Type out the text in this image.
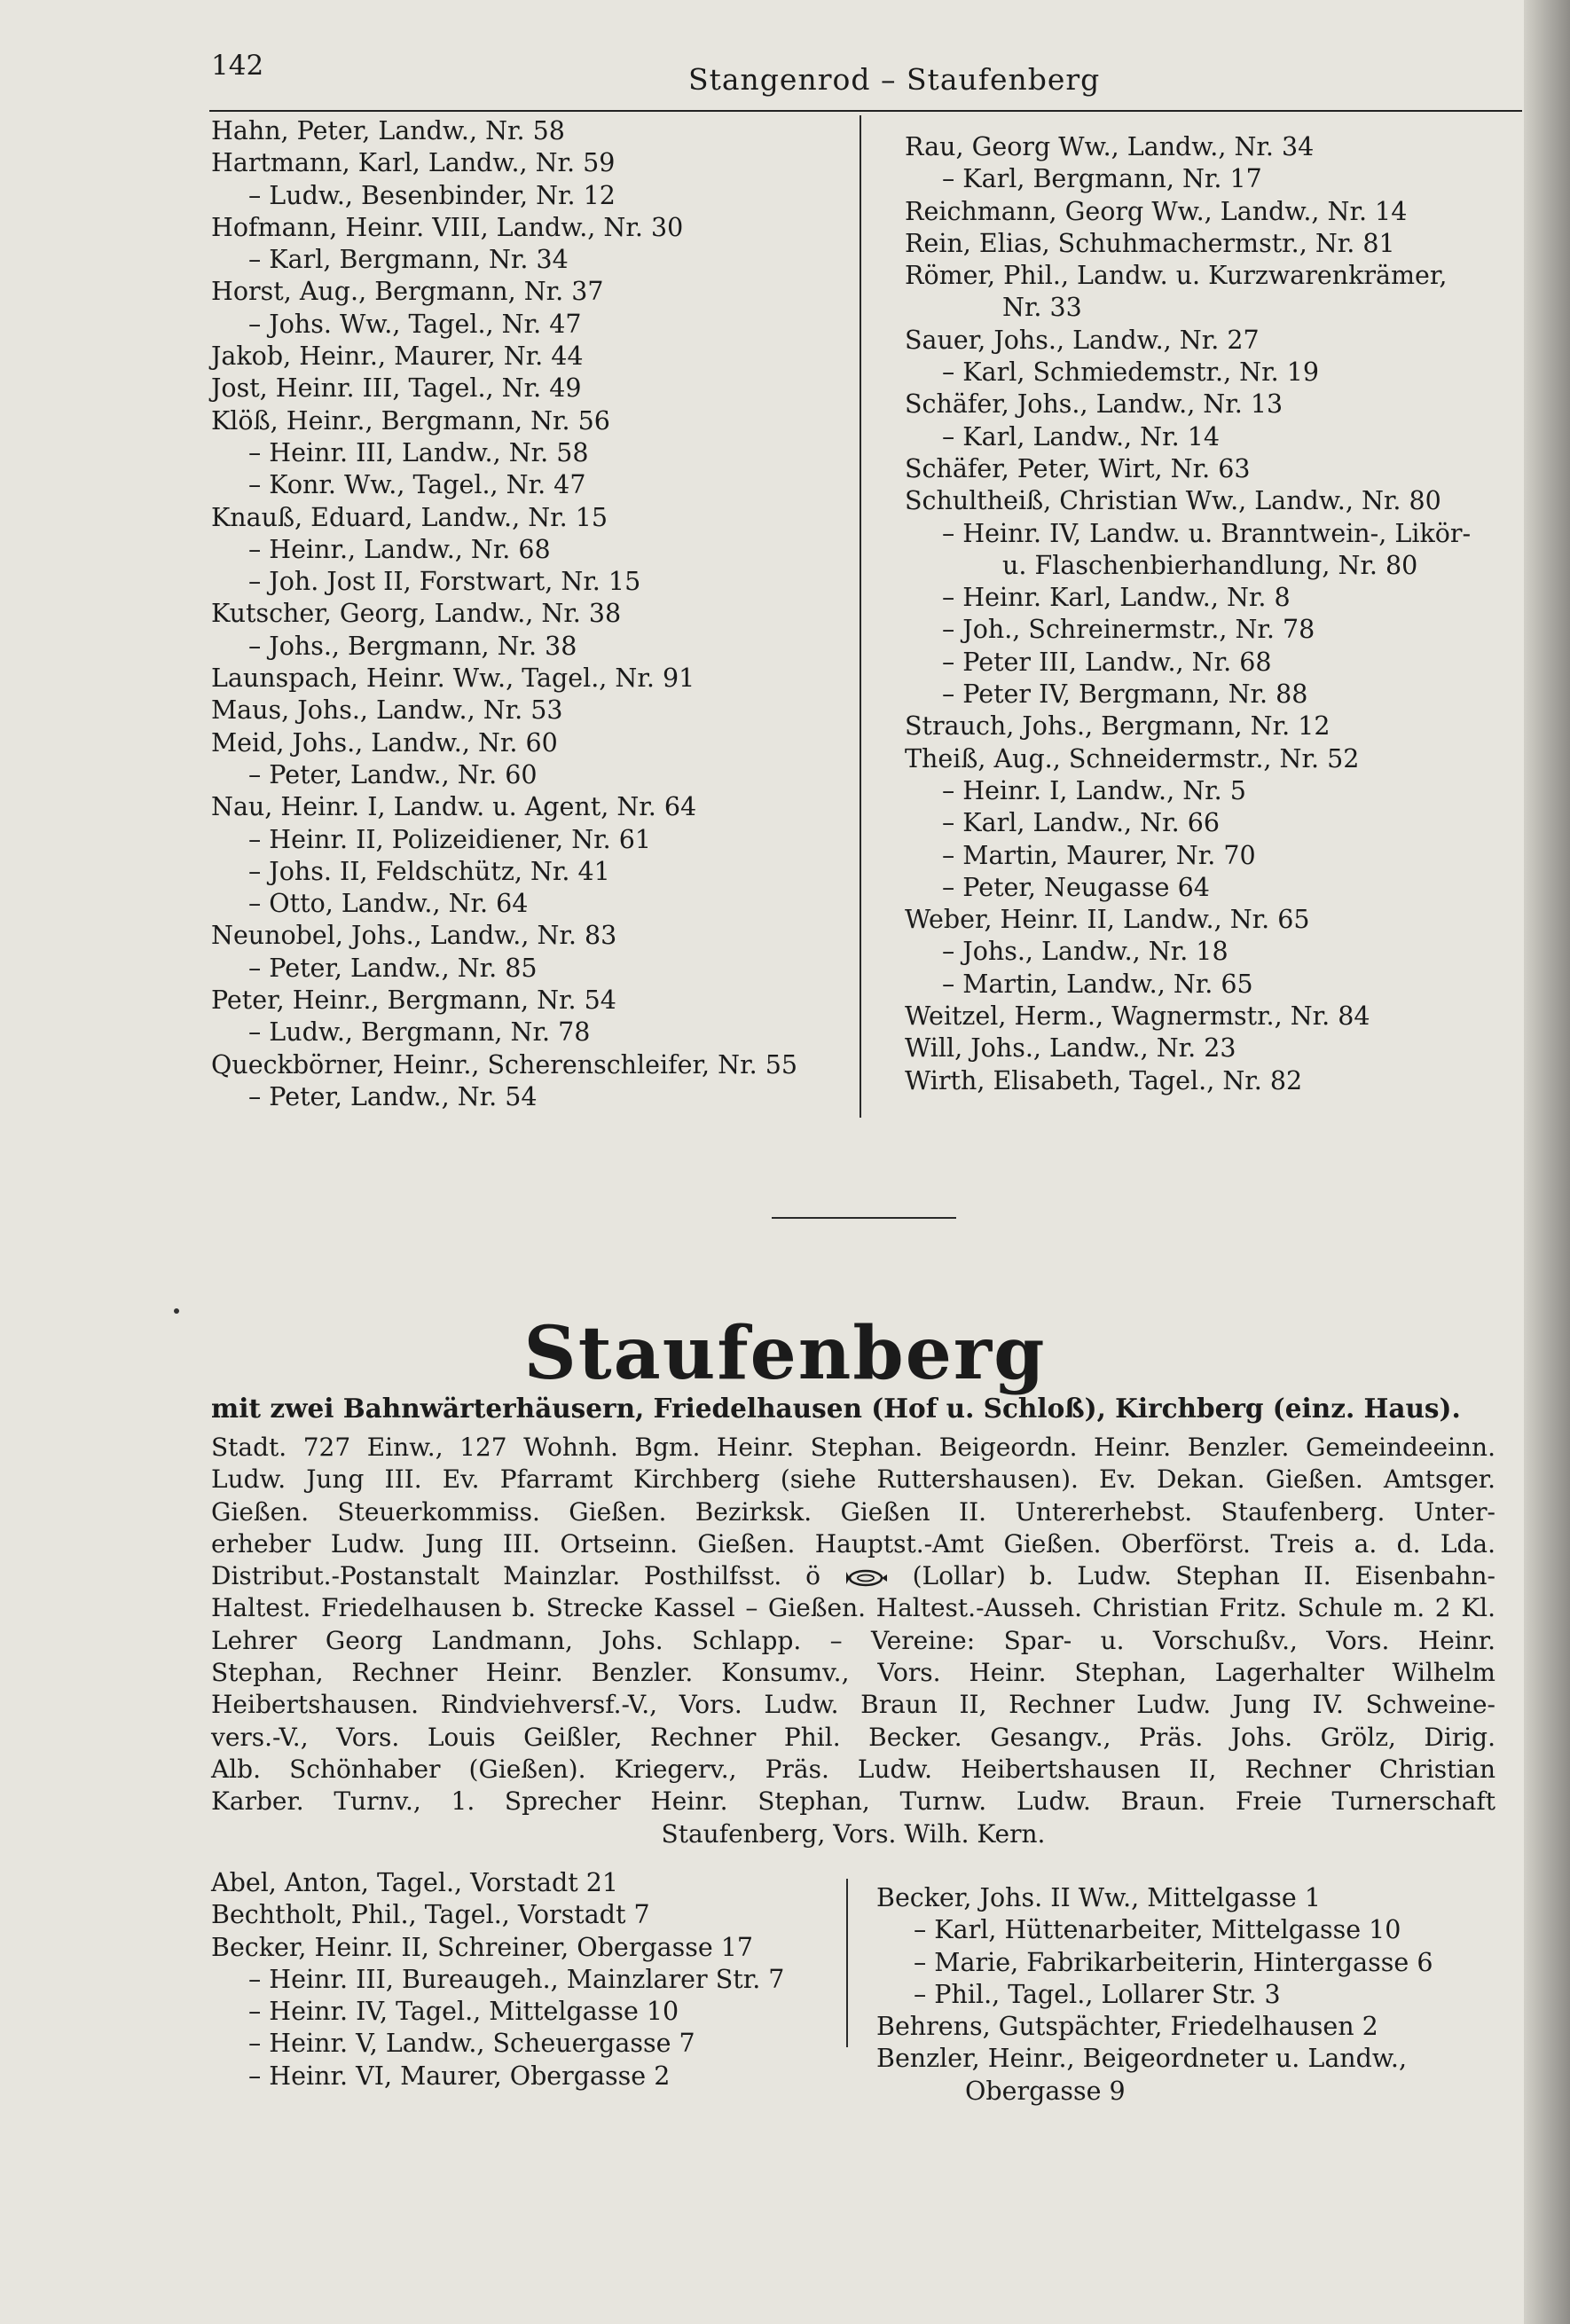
142	Stangenrod – Staufenberg
Hahn, Peter, Landw., Nr. 58
Hartmann, Karl, Landw., Nr. 59
– Ludw., Besenbinder, Nr. 12
Hofmann, Heinr. VIII, Landw., Nr. 30
– Karl, Bergmann, Nr. 34
Horst, Aug., Bergmann, Nr. 37
– Johs. Ww., Tagel., Nr. 47
Jakob, Heinr., Maurer, Nr. 44
Jost, Heinr. III, Tagel., Nr. 49
Klöß, Heinr., Bergmann, Nr. 56
– Heinr. III, Landw., Nr. 58
– Konr. Ww., Tagel., Nr. 47
Knauß, Eduard, Landw., Nr. 15
– Heinr., Landw., Nr. 68
– Joh. Jost II, Forstwart, Nr. 15
Kutscher, Georg, Landw., Nr. 38
– Johs., Bergmann, Nr. 38
Launspach, Heinr. Ww., Tagel., Nr. 91
Maus, Johs., Landw., Nr. 53
Meid, Johs., Landw., Nr. 60
– Peter, Landw., Nr. 60
Nau, Heinr. I, Landw. u. Agent, Nr. 64
– Heinr. II, Polizeidiener, Nr. 61
– Johs. II, Feldschütz, Nr. 41
– Otto, Landw., Nr. 64
Neunobel, Johs., Landw., Nr. 83
– Peter, Landw., Nr. 85
Peter, Heinr., Bergmann, Nr. 54
– Ludw., Bergmann, Nr. 78
Queckbörner, Heinr., Scherenschleifer, Nr. 55
– Peter, Landw., Nr. 54
Rau, Georg Ww., Landw., Nr. 34
– Karl, Bergmann, Nr. 17
Reichmann, Georg Ww., Landw., Nr. 14
Rein, Elias, Schuhmachermstr., Nr. 81
Römer, Phil., Landw. u. Kurzwarenkrämer,
Nr. 33
Sauer, Johs., Landw., Nr. 27
– Karl, Schmiedemstr., Nr. 19
Schäfer, Johs., Landw., Nr. 13
– Karl, Landw., Nr. 14
Schäfer, Peter, Wirt, Nr. 63
Schultheiß, Christian Ww., Landw., Nr. 80
– Heinr. IV, Landw. u. Branntwein-, Likör-
u. Flaschenbierhandlung, Nr. 80
– Heinr. Karl, Landw., Nr. 8
– Joh., Schreinermstr., Nr. 78
– Peter III, Landw., Nr. 68
– Peter IV, Bergmann, Nr. 88
Strauch, Johs., Bergmann, Nr. 12
Theiß, Aug., Schneidermstr., Nr. 52
– Heinr. I, Landw., Nr. 5
– Karl, Landw., Nr. 66
– Martin, Maurer, Nr. 70
– Peter, Neugasse 64
Weber, Heinr. II, Landw., Nr. 65
– Johs., Landw., Nr. 18
– Martin, Landw., Nr. 65
Weitzel, Herm., Wagnermstr., Nr. 84
Will, Johs., Landw., Nr. 23
Wirth, Elisabeth, Tagel., Nr. 82
Staufenberg
mit zwei Bahnwärterhäusern, Friedelhausen (Hof u. Schloß), Kirchberg (einz. Haus).
Stadt. 727 Einw., 127 Wohnh. Bgm. Heinr. Stephan. Beigeordn. Heinr. Benzler. Gemeindeeinn.
Ludw. Jung III. Ev. Pfarramt Kirchberg (siehe Ruttershausen). Ev. Dekan. Gießen. Amtsger.
Gießen. Steuerkommiss. Gießen. Bezirksk. Gießen II. Untererhebst. Staufenberg. Unter-
erheber Ludw. Jung III. Ortseinn. Gießen. Hauptst.-Amt Gießen. Oberförst. Treis a. d. Lda.
Distribut.-Postanstalt Mainzlar. Posthilfsst. ö	(Lollar) b. Ludw. Stephan II. Eisenbahn-
Haltest. Friedelhausen b. Strecke Kassel – Gießen. Haltest.-Ausseh. Christian Fritz. Schule m. 2 Kl.
Lehrer Georg Landmann, Johs. Schlapp. – Vereine: Spar- u. Vorschußv., Vors. Heinr.
Stephan, Rechner Heinr. Benzler. Konsumv., Vors. Heinr. Stephan, Lagerhalter Wilhelm
Heibertshausen. Rindviehversf.-V., Vors. Ludw. Braun II, Rechner Ludw. Jung IV. Schweine-
vers.-V., Vors. Louis Geißler, Rechner Phil. Becker. Gesangv., Präs. Johs. Grölz, Dirig.
Alb. Schönhaber (Gießen). Kriegerv., Präs. Ludw. Heibertshausen II, Rechner Christian
Karber. Turnv., 1. Sprecher Heinr. Stephan, Turnw. Ludw. Braun. Freie Turnerschaft
Staufenberg, Vors. Wilh. Kern.
Abel, Anton, Tagel., Vorstadt 21
Bechtholt, Phil., Tagel., Vorstadt 7
Becker, Heinr. II, Schreiner, Obergasse 17
– Heinr. III, Bureaugeh., Mainzlarer Str. 7
– Heinr. IV, Tagel., Mittelgasse 10
– Heinr. V, Landw., Scheuergasse 7
– Heinr. VI, Maurer, Obergasse 2
Becker, Johs. II Ww., Mittelgasse 1
– Karl, Hüttenarbeiter, Mittelgasse 10
– Marie, Fabrikarbeiterin, Hintergasse 6
– Phil., Tagel., Lollarer Str. 3
Behrens, Gutspächter, Friedelhausen 2
Benzler, Heinr., Beigeordneter u. Landw.,
Obergasse 9
